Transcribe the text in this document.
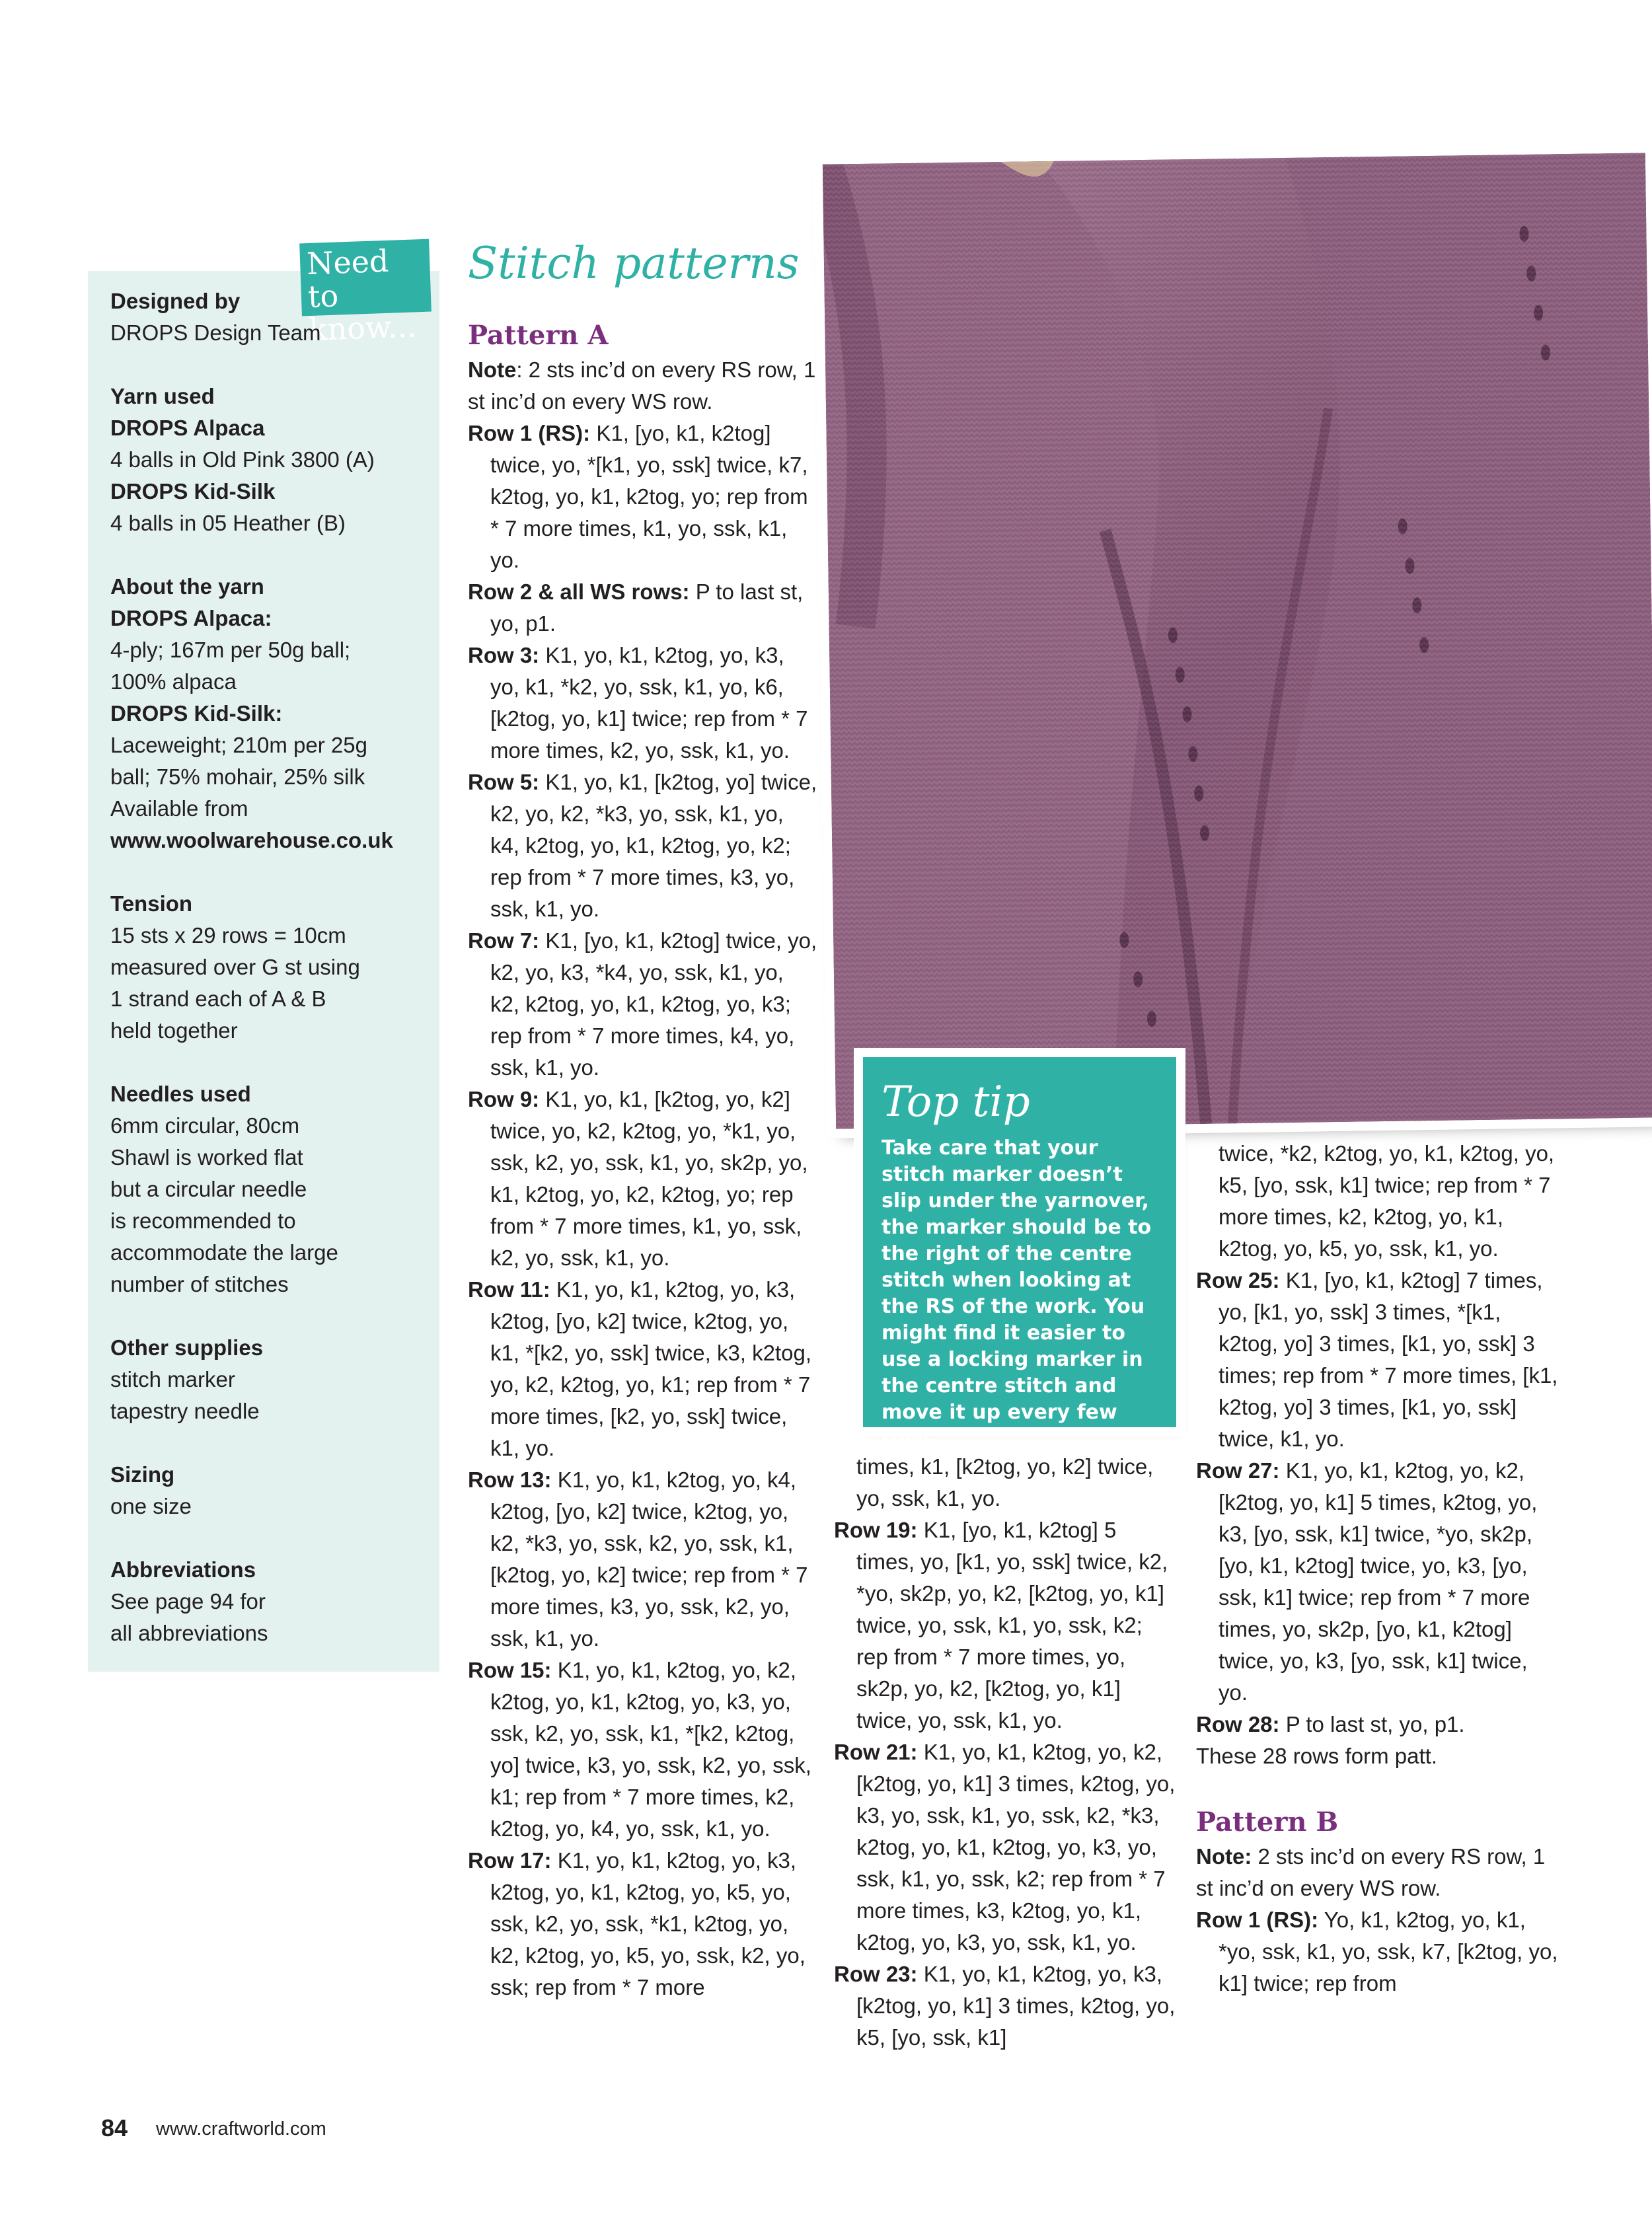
Need to know...

Designed by

DROPS Design Team

Yarn used

DROPS Alpaca

4 balls in Old Pink 3800 (A)

DROPS Kid-Silk

4 balls in 05 Heather (B)

About the yarn

DROPS Alpaca:

4-ply; 167m per 50g ball;

100% alpaca

DROPS Kid-Silk:

Laceweight; 210m per 25g

ball; 75% mohair, 25% silk

Available from

www.woolwarehouse.co.uk

Tension

15 sts x 29 rows = 10cm

measured over G st using

1 strand each of A & B

held together

Needles used

6mm circular, 80cm

Shawl is worked flat

but a circular needle

is recommended to

accommodate the large

number of stitches

Other supplies

stitch marker

tapestry needle

Sizing

one size

Abbreviations

See page 94 for

all abbreviations

Stitch patterns

Pattern A

Note: 2 sts inc’d on every RS row, 1 st inc’d on every WS row.

Row 1 (RS): K1, [yo, k1, k2tog] twice, yo, *[k1, yo, ssk] twice, k7, k2tog, yo, k1, k2tog, yo; rep from * 7 more times, k1, yo, ssk, k1, yo.

Row 2 & all WS rows: P to last st, yo, p1.

Row 3: K1, yo, k1, k2tog, yo, k3, yo, k1, *k2, yo, ssk, k1, yo, k6, [k2tog, yo, k1] twice; rep from * 7 more times, k2, yo, ssk, k1, yo.

Row 5: K1, yo, k1, [k2tog, yo] twice, k2, yo, k2, *k3, yo, ssk, k1, yo, k4, k2tog, yo, k1, k2tog, yo, k2; rep from * 7 more times, k3, yo, ssk, k1, yo.

Row 7: K1, [yo, k1, k2tog] twice, yo, k2, yo, k3, *k4, yo, ssk, k1, yo, k2, k2tog, yo, k1, k2tog, yo, k3; rep from * 7 more times, k4, yo, ssk, k1, yo.

Row 9: K1, yo, k1, [k2tog, yo, k2] twice, yo, k2, k2tog, yo, *k1, yo, ssk, k2, yo, ssk, k1, yo, sk2p, yo, k1, k2tog, yo, k2, k2tog, yo; rep from * 7 more times, k1, yo, ssk, k2, yo, ssk, k1, yo.

Row 11: K1, yo, k1, k2tog, yo, k3, k2tog, [yo, k2] twice, k2tog, yo, k1, *[k2, yo, ssk] twice, k3, k2tog, yo, k2, k2tog, yo, k1; rep from * 7 more times, [k2, yo, ssk] twice, k1, yo.

Row 13: K1, yo, k1, k2tog, yo, k4, k2tog, [yo, k2] twice, k2tog, yo, k2, *k3, yo, ssk, k2, yo, ssk, k1, [k2tog, yo, k2] twice; rep from * 7 more times, k3, yo, ssk, k2, yo, ssk, k1, yo.

Row 15: K1, yo, k1, k2tog, yo, k2, k2tog, yo, k1, k2tog, yo, k3, yo, ssk, k2, yo, ssk, k1, *[k2, k2tog, yo] twice, k3, yo, ssk, k2, yo, ssk, k1; rep from * 7 more times, k2, k2tog, yo, k4, yo, ssk, k1, yo.

Row 17: K1, yo, k1, k2tog, yo, k3, k2tog, yo, k1, k2tog, yo, k5, yo, ssk, k2, yo, ssk, *k1, k2tog, yo, k2, k2tog, yo, k5, yo, ssk, k2, yo, ssk; rep from * 7 more

Top tip
Take care that your stitch marker doesn’t slip under the yarnover, the marker should be to the right of the centre stitch when looking at the RS of the work. You might find it easier to use a locking marker in the centre stitch and move it up every few rows

times, k1, [k2tog, yo, k2] twice, yo, ssk, k1, yo.

Row 19: K1, [yo, k1, k2tog] 5 times, yo, [k1, yo, ssk] twice, k2, *yo, sk2p, yo, k2, [k2tog, yo, k1] twice, yo, ssk, k1, yo, ssk, k2; rep from * 7 more times, yo, sk2p, yo, k2, [k2tog, yo, k1] twice, yo, ssk, k1, yo.

Row 21: K1, yo, k1, k2tog, yo, k2, [k2tog, yo, k1] 3 times, k2tog, yo, k3, yo, ssk, k1, yo, ssk, k2, *k3, k2tog, yo, k1, k2tog, yo, k3, yo, ssk, k1, yo, ssk, k2; rep from * 7 more times, k3, k2tog, yo, k1, k2tog, yo, k3, yo, ssk, k1, yo.

Row 23: K1, yo, k1, k2tog, yo, k3, [k2tog, yo, k1] 3 times, k2tog, yo, k5, [yo, ssk, k1]

twice, *k2, k2tog, yo, k1, k2tog, yo, k5, [yo, ssk, k1] twice; rep from * 7 more times, k2, k2tog, yo, k1, k2tog, yo, k5, yo, ssk, k1, yo.

Row 25: K1, [yo, k1, k2tog] 7 times, yo, [k1, yo, ssk] 3 times, *[k1, k2tog, yo] 3 times, [k1, yo, ssk] 3 times; rep from * 7 more times, [k1, k2tog, yo] 3 times, [k1, yo, ssk] twice, k1, yo.

Row 27: K1, yo, k1, k2tog, yo, k2, [k2tog, yo, k1] 5 times, k2tog, yo, k3, [yo, ssk, k1] twice, *yo, sk2p, [yo, k1, k2tog] twice, yo, k3, [yo, ssk, k1] twice; rep from * 7 more times, yo, sk2p, [yo, k1, k2tog] twice, yo, k3, [yo, ssk, k1] twice, yo.

Row 28: P to last st, yo, p1.

These 28 rows form patt.

Pattern B

Note: 2 sts inc’d on every RS row, 1 st inc’d on every WS row.

Row 1 (RS): Yo, k1, k2tog, yo, k1, *yo, ssk, k1, yo, ssk, k7, [k2tog, yo, k1] twice; rep from

84 www.craftworld.com
